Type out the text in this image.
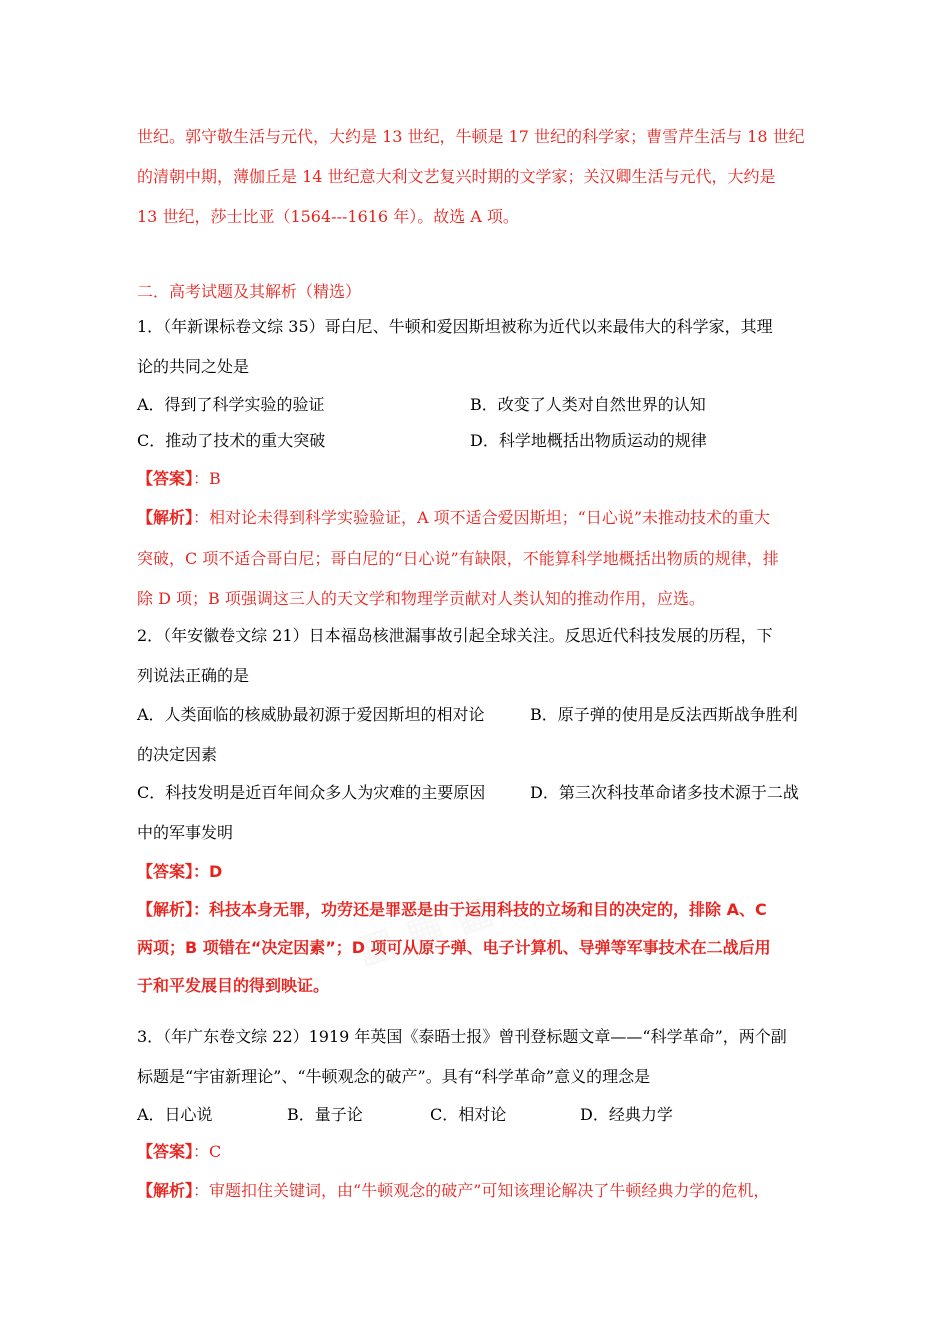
世纪。郭守敬生活与元代，大约是 13 世纪，牛顿是 17 世纪的科学家；曹雪芹生活与 18 世纪
的清朝中期，薄伽丘是 14 世纪意大利文艺复兴时期的文学家；关汉卿生活与元代，大约是
13 世纪，莎士比亚（1564---1616 年）。故选 A 项。
二．高考试题及其解析（精选）
1．（年新课标卷文综 35）哥白尼、牛顿和爱因斯坦被称为近代以来最伟大的科学家，其理
论的共同之处是
A．得到了科学实验的验证	B．改变了人类对自然世界的认知
C．推动了技术的重大突破	D．科学地概括出物质运动的规律
【答案】：B
【解析】：相对论未得到科学实验验证，A 项不适合爱因斯坦；“日心说”未推动技术的重大
突破，C 项不适合哥白尼；哥白尼的“日心说”有缺限，不能算科学地概括出物质的规律，排
除 D 项；B 项强调这三人的天文学和物理学贡献对人类认知的推动作用，应选。
2．（年安徽卷文综 21）日本福岛核泄漏事故引起全球关注。反思近代科技发展的历程，下
列说法正确的是
A．人类面临的核威胁最初源于爱因斯坦的相对论	B．原子弹的使用是反法西斯战争胜利
的决定因素
C．科技发明是近百年间众多人为灾难的主要原因	D．第三次科技革命诸多技术源于二战
中的军事发明
【答案】：D
【解析】：科技本身无罪，功劳还是罪恶是由于运用科技的立场和目的决定的，排除 A、C
两项；B 项错在“决定因素”；D 项可从原子弹、电子计算机、导弹等军事技术在二战后用
于和平发展目的得到映证。
▦ ▦ ▦
3．（年广东卷文综 22）1919 年英国《泰晤士报》曾刊登标题文章——“科学革命”，两个副
标题是“宇宙新理论”、“牛顿观念的破产”。具有“科学革命”意义的理念是
A．日心说	B．量子论	C．相对论	D．经典力学
【答案】：C
【解析】：审题扣住关键词，由“牛顿观念的破产”可知该理论解决了牛顿经典力学的危机，
